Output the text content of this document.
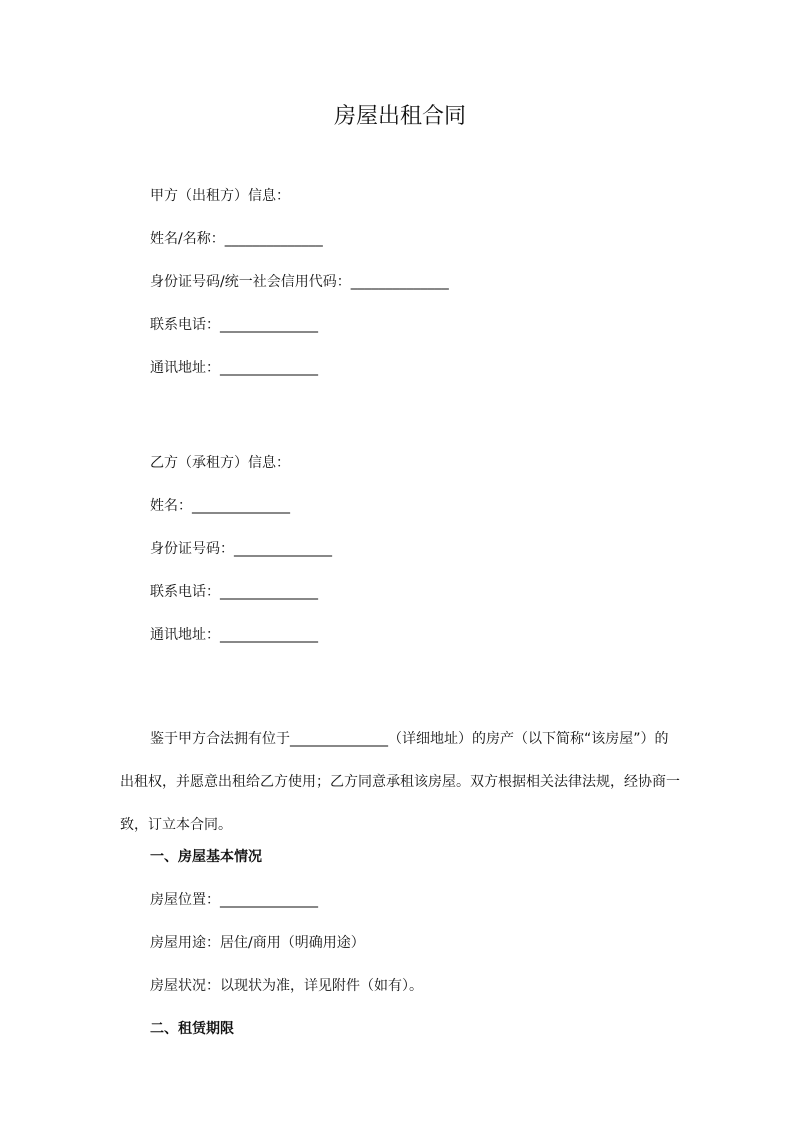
房屋出租合同

甲方（出租方）信息：

姓名/名称：______________

身份证号码/统一社会信用代码：______________

联系电话：______________

通讯地址：______________

乙方（承租方）信息：

姓名：______________

身份证号码：______________

联系电话：______________

通讯地址：______________

鉴于甲方合法拥有位于______________（详细地址）的房产（以下简称“该房屋”）的出租权，并愿意出租给乙方使用；乙方同意承租该房屋。双方根据相关法律法规，经协商一致，订立本合同。

一、房屋基本情况

房屋位置：______________

房屋用途：居住/商用（明确用途）

房屋状况：以现状为准，详见附件（如有）。

二、租赁期限
